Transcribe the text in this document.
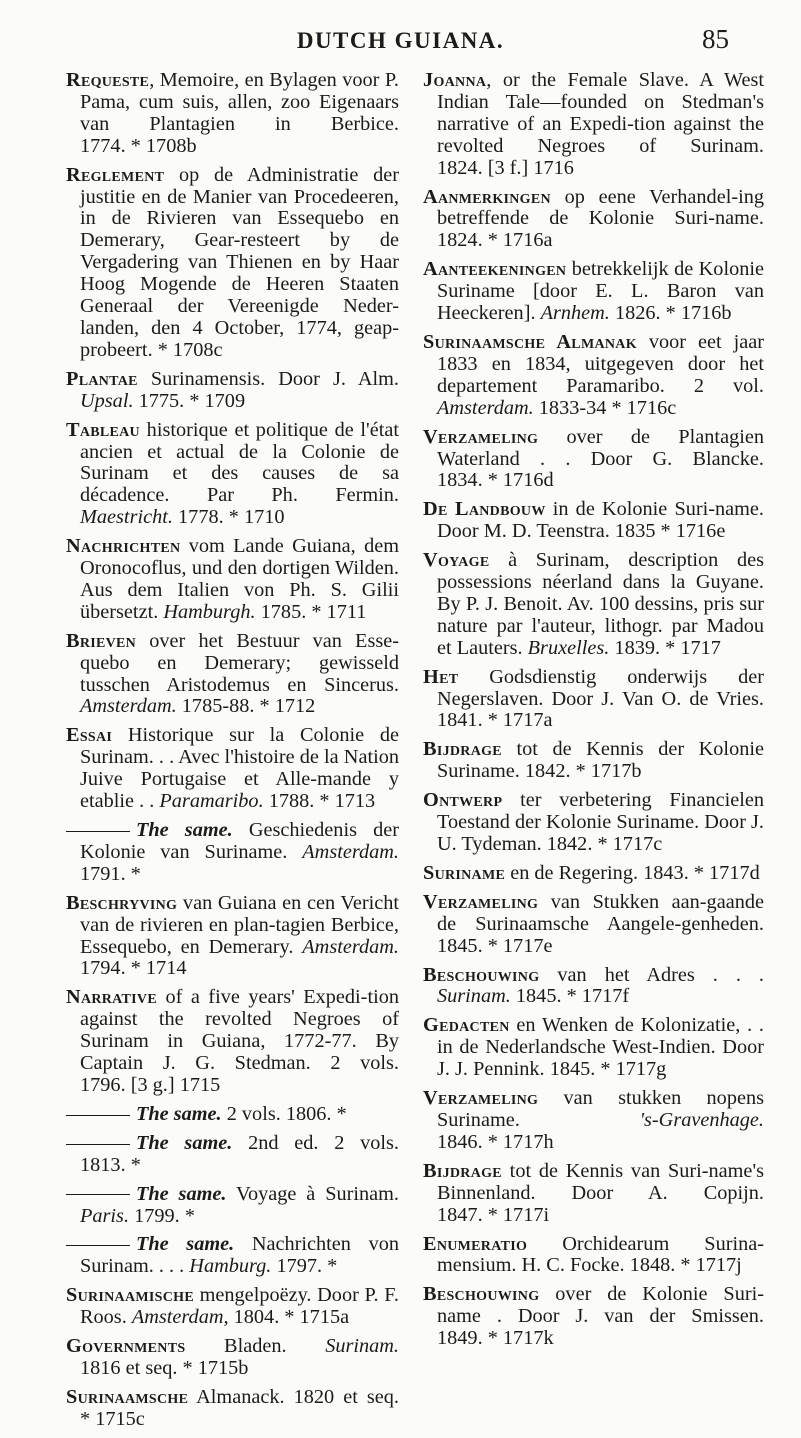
DUTCH GUIANA.	85
Requeste, Memoire, en Bylagen voor P. Pama, cum suis, allen, zoo Eigenaars van Plantagien in Berbice. 1774. * 1708b
Reglement op de Administratie der justitie en de Manier van Procedeeren, in de Rivieren van Essequebo en Demerary, Gear-resteert by de Vergadering van Thienen en by Haar Hoog Mogende de Heeren Staaten Generaal der Vereenigde Neder-landen, den 4 October, 1774, geap-probeert. * 1708c
Plantae Surinamensis. Door J. Alm. Upsal. 1775. * 1709
Tableau historique et politique de l'état ancien et actual de la Colonie de Surinam et des causes de sa décadence. Par Ph. Fermin. Maestricht. 1778. * 1710
Nachrichten vom Lande Guiana, dem Oronocoflus, und den dortigen Wilden. Aus dem Italien von Ph. S. Gilii übersetzt. Hamburgh. 1785. * 1711
Brieven over het Bestuur van Esse-quebo en Demerary; gewisseld tusschen Aristodemus en Sincerus. Amsterdam. 1785-88. * 1712
Essai Historique sur la Colonie de Surinam. . . Avec l'histoire de la Nation Juive Portugaise et Alle-mande y etablie . . Paramaribo. 1788. * 1713
The same. Geschiedenis der Kolonie van Suriname. Amsterdam. 1791. *
Beschryving van Guiana en cen Vericht van de rivieren en plan-tagien Berbice, Essequebo, en Demerary. Amsterdam. 1794. * 1714
Narrative of a five years' Expedi-tion against the revolted Negroes of Surinam in Guiana, 1772-77. By Captain J. G. Stedman. 2 vols. 1796. [3 g.] 1715
The same. 2 vols. 1806. *
The same. 2nd ed. 2 vols. 1813. *
The same. Voyage à Surinam. Paris. 1799. *
The same. Nachrichten von Surinam. . . . Hamburg. 1797. *
Surinaamische mengelpoëzy. Door P. F. Roos. Amsterdam, 1804. * 1715a
Governments Bladen. Surinam. 1816 et seq. * 1715b
Surinaamsche Almanack. 1820 et seq. * 1715c
Joanna, or the Female Slave. A West Indian Tale—founded on Stedman's narrative of an Expedi-tion against the revolted Negroes of Surinam. 1824. [3 f.] 1716
Aanmerkingen op eene Verhandel-ing betreffende de Kolonie Suri-name. 1824. * 1716a
Aanteekeningen betrekkelijk de Kolonie Suriname [door E. L. Baron van Heeckeren]. Arnhem. 1826. * 1716b
Surinaamsche Almanak voor eet jaar 1833 en 1834, uitgegeven door het departement Paramaribo. 2 vol. Amsterdam. 1833-34 * 1716c
Verzameling over de Plantagien Waterland . . Door G. Blancke. 1834. * 1716d
De Landbouw in de Kolonie Suri-name. Door M. D. Teenstra. 1835 * 1716e
Voyage à Surinam, description des possessions néerland dans la Guyane. By P. J. Benoit. Av. 100 dessins, pris sur nature par l'auteur, lithogr. par Madou et Lauters. Bruxelles. 1839. * 1717
Het Godsdienstig onderwijs der Negerslaven. Door J. Van O. de Vries. 1841. * 1717a
Bijdrage tot de Kennis der Kolonie Suriname. 1842. * 1717b
Ontwerp ter verbetering Financielen Toestand der Kolonie Suriname. Door J. U. Tydeman. 1842. * 1717c
Suriname en de Regering. 1843. * 1717d
Verzameling van Stukken aan-gaande de Surinaamsche Aangele-genheden. 1845. * 1717e
Beschouwing van het Adres . . . Surinam. 1845. * 1717f
Gedacten en Wenken de Kolonizatie, . . in de Nederlandsche West-Indien. Door J. J. Pennink. 1845. * 1717g
Verzameling van stukken nopens Suriname. 's-Gravenhage. 1846. * 1717h
Bijdrage tot de Kennis van Suri-name's Binnenland. Door A. Copijn. 1847. * 1717i
Enumeratio Orchidearum Surina-mensium. H. C. Focke. 1848. * 1717j
Beschouwing over de Kolonie Suri-name . Door J. van der Smissen. 1849. * 1717k
